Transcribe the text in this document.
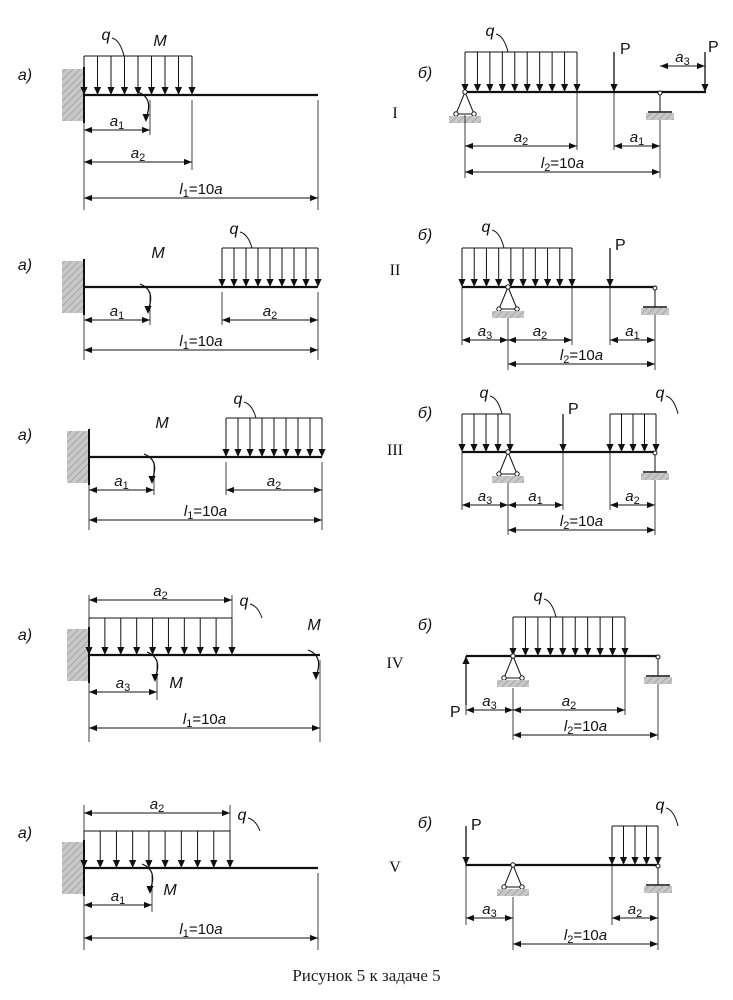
а)
q	M
$a_1$
$a_2$
$l_1=10a$
I
б)
q
P	P
$a_3$
$a_2$	$a_1$
$l_2=10a$
а)
M
q
$a_1$	$a_2$
$l_1=10a$
II
б)	q
P
$a_3$	$a_2$	$a_1$
$l_2=10a$
а)
M
q
$a_1$	$a_2$
$l_1=10a$
III
б)
q
P
q
$a_3$ $a_1$	$a_2$
$l_2=10a$
а)
q
M
M
$a_2$
$a_3$
$l_1=10a$
IV
б)
P
q
$a_3$	$a_2$
$l_2=10a$
а)
q
M
$a_2$
$a_1$
$l_1=10a$
V
б) P
q
$a_3$	$a_2$
$l_2=10a$
Рисунок 5 к задаче 5
